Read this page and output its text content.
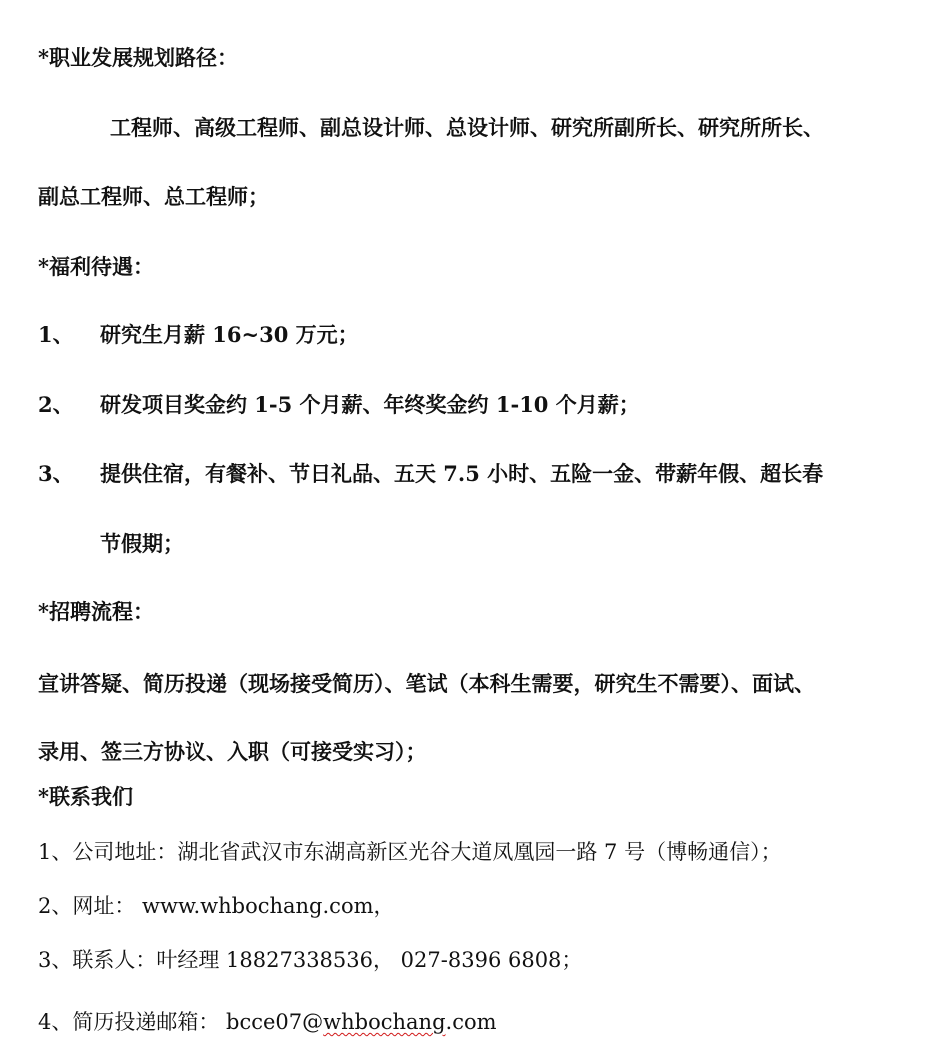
*职业发展规划路径：
工程师、高级工程师、副总设计师、总设计师、研究所副所长、研究所所长、
副总工程师、总工程师；
*福利待遇：
1、 研究生月薪 16~30 万元；
2、 研发项目奖金约 1-5 个月薪、年终奖金约 1-10 个月薪；
3、 提供住宿，有餐补、节日礼品、五天 7.5 小时、五险一金、带薪年假、超长春
节假期；
*招聘流程：
宣讲答疑、简历投递（现场接受简历）、笔试（本科生需要，研究生不需要）、面试、
录用、签三方协议、入职（可接受实习）；
*联系我们
1、公司地址：湖北省武汉市东湖高新区光谷大道凤凰园一路 7 号（博畅通信）；
2、网址： www.whbochang.com，
3、联系人：叶经理 18827338536， 027-8396 6808；
4、简历投递邮箱： bcce07@whbochang.com
